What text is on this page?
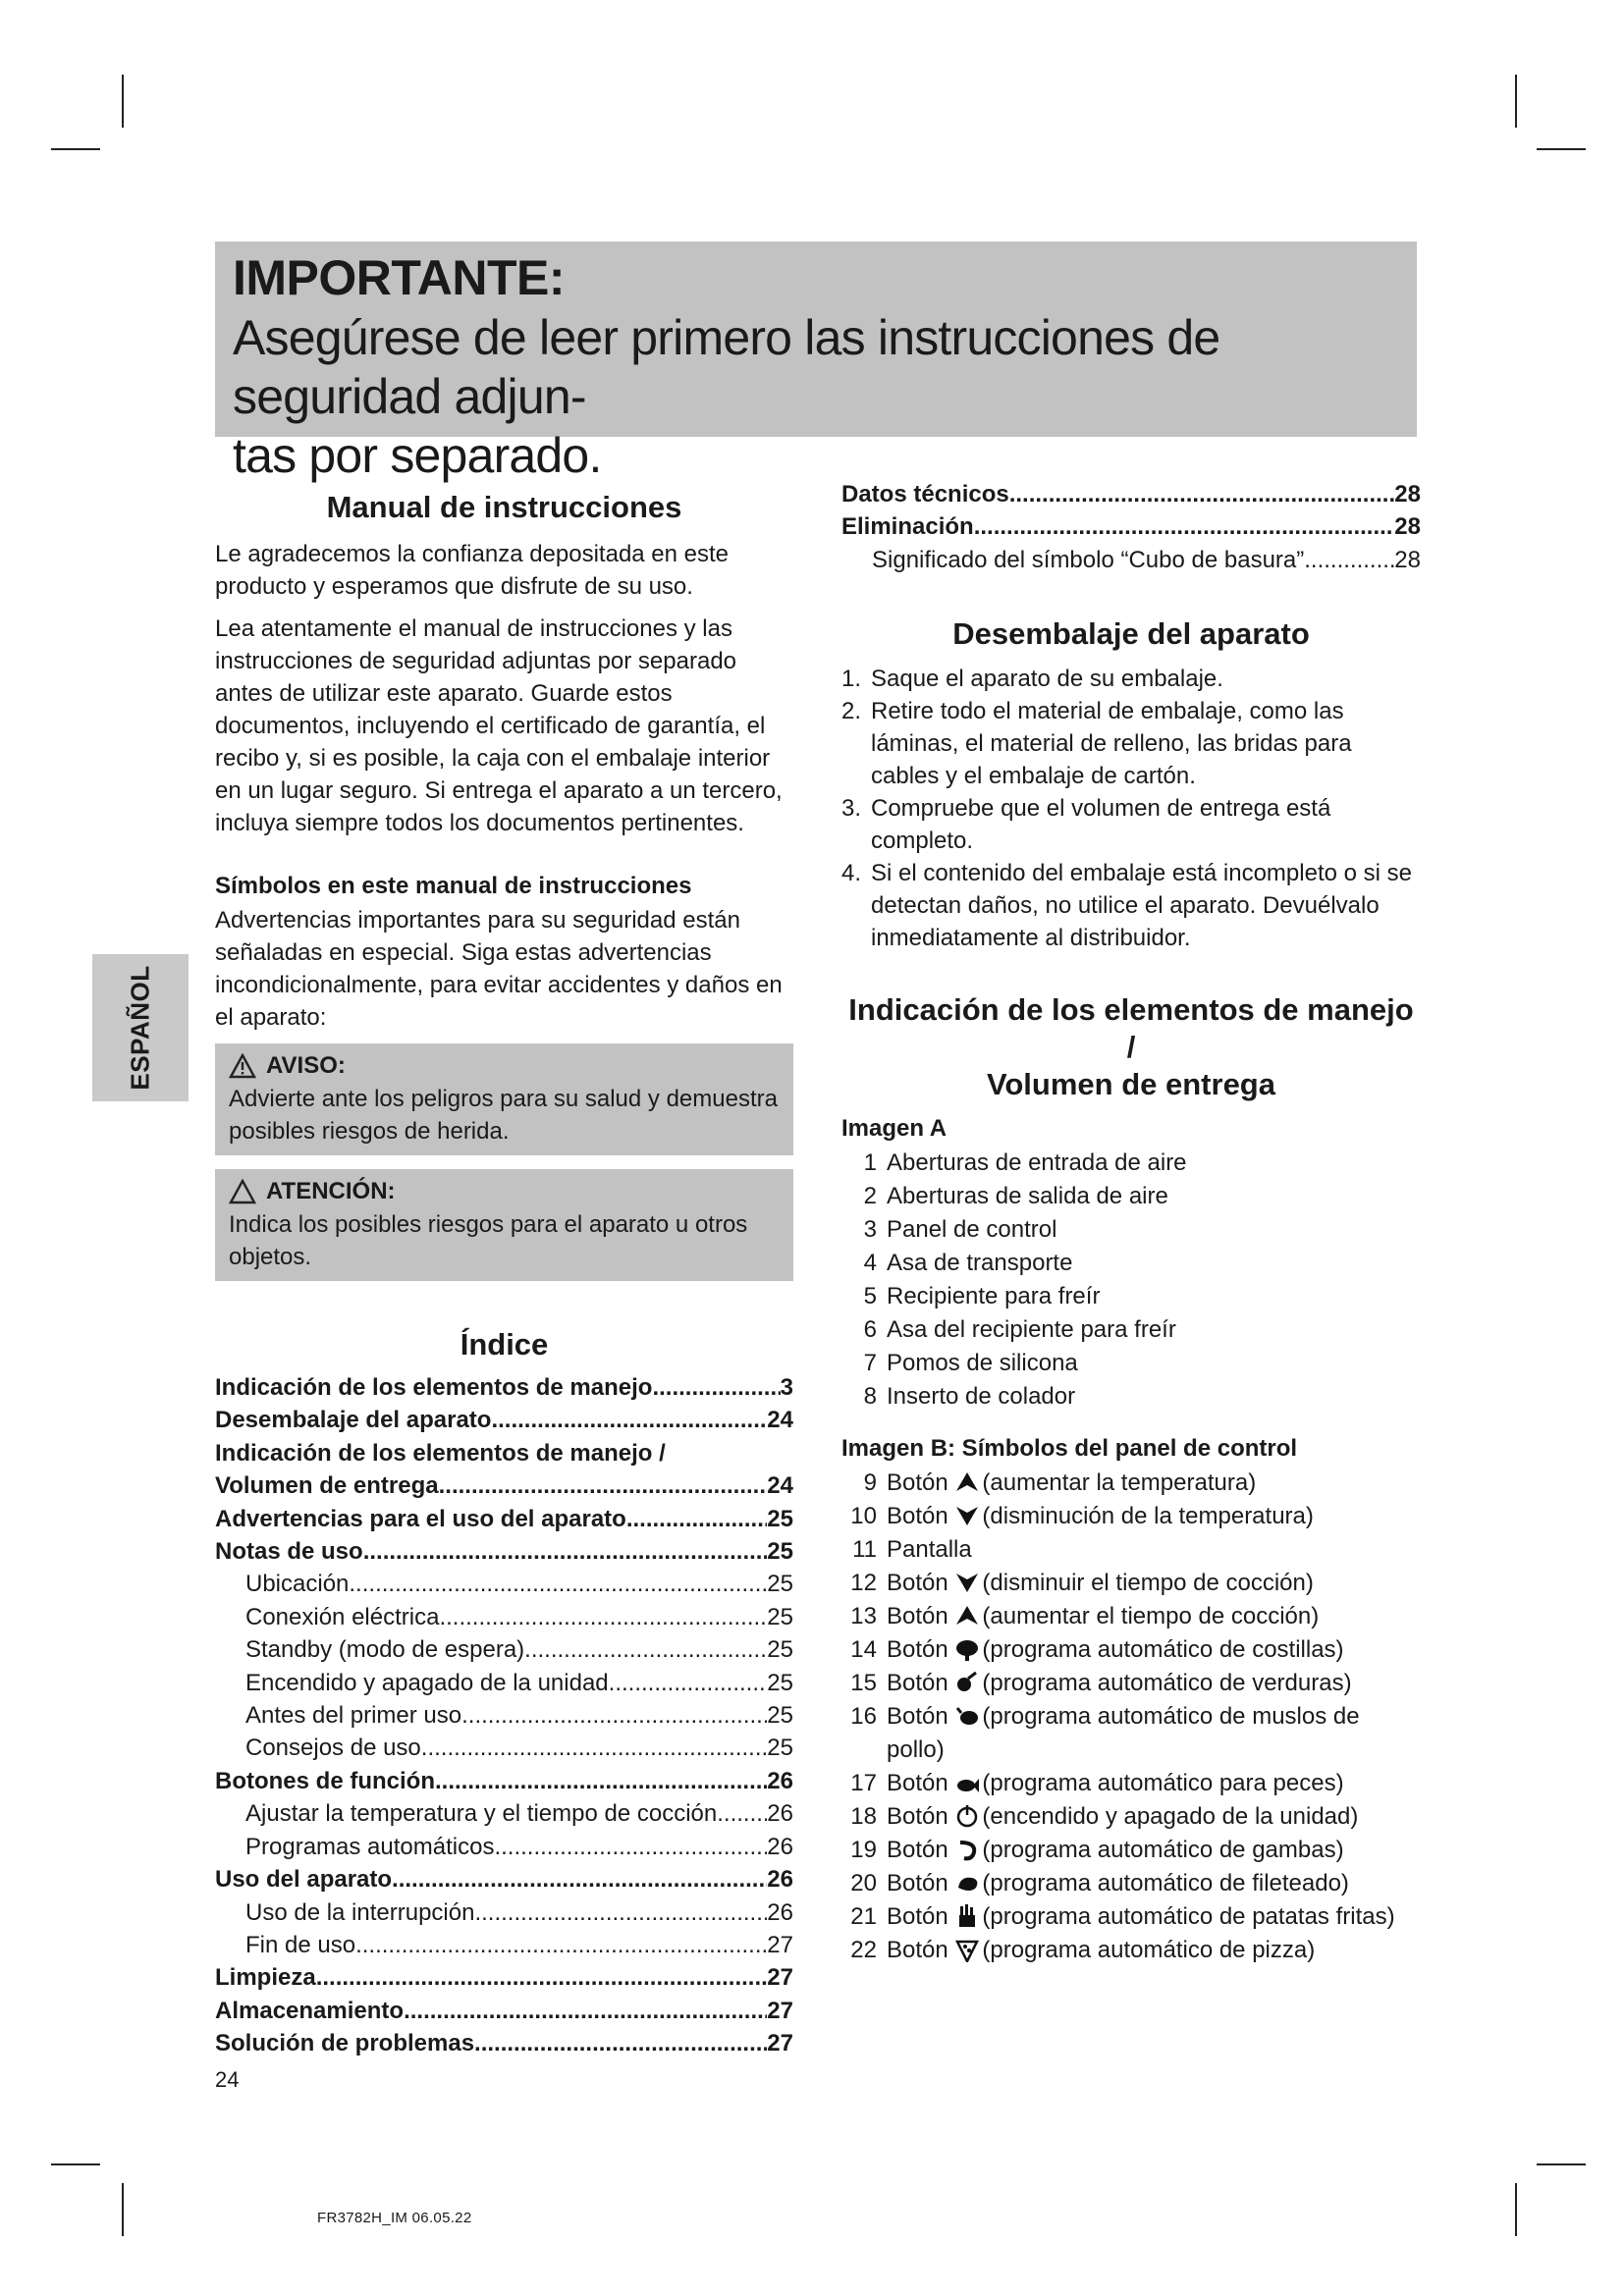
IMPORTANTE:
Asegúrese de leer primero las instrucciones de seguridad adjun-
tas por separado.
ESPAÑOL
Manual de instrucciones

Le agradecemos la confianza depositada en este producto y esperamos que disfrute de su uso.

Lea atentamente el manual de instrucciones y las instrucciones de seguridad adjuntas por separado antes de utilizar este aparato. Guarde estos documentos, incluyendo el certificado de garantía, el recibo y, si es posible, la caja con el embalaje interior en un lugar seguro. Si entrega el aparato a un tercero, incluya siempre todos los documentos pertinentes.

Símbolos en este manual de instrucciones

Advertencias importantes para su seguridad están señaladas en especial. Siga estas advertencias incondicionalmente, para evitar accidentes y daños en el aparato:

AVISO:

Advierte ante los peligros para su salud y demuestra posibles riesgos de herida.

ATENCIÓN:

Indica los posibles riesgos para el aparato u otros objetos.

Índice
Indicación de los elementos de manejo .....	3
Desembalaje del aparato .....	24
Indicación de los elementos de manejo /
Volumen de entrega .....	24
Advertencias para el uso del aparato .....	25
Notas de uso .....	25
Ubicación .....	25
Conexión eléctrica .....	25
Standby (modo de espera) .....	25
Encendido y apagado de la unidad .....	25
Antes del primer uso .....	25
Consejos de uso .....	25
Botones de función .....	26
Ajustar la temperatura y el tiempo de cocción ..... 26
Programas automáticos .....	26
Uso del aparato .....	26
Uso de la interrupción .....	26
Fin de uso .....	27
Limpieza .....	27
Almacenamiento .....	27
Solución de problemas .....	27
Datos técnicos .....	28
Eliminación .....	28
Significado del símbolo “Cubo de basura” .....	28
Desembalaje del aparato
1. Saque el aparato de su embalaje.
2. Retire todo el material de embalaje, como las láminas, el material de relleno, las bridas para cables y el embalaje de cartón.
3. Compruebe que el volumen de entrega está completo.
4. Si el contenido del embalaje está incompleto o si se detectan daños, no utilice el aparato. Devuélvalo inmediatamente al distribuidor.
Indicación de los elementos de manejo /
Volumen de entrega
Imagen A
1 Aberturas de entrada de aire
2 Aberturas de salida de aire
3 Panel de control
4 Asa de transporte
5 Recipiente para freír
6 Asa del recipiente para freír
7 Pomos de silicona
8 Inserto de colador
Imagen B: Símbolos del panel de control
9 Botón (aumentar la temperatura)
10 Botón (disminución de la temperatura)
11 Pantalla
12 Botón (disminuir el tiempo de cocción)
13 Botón (aumentar el tiempo de cocción)
14 Botón (programa automático de costillas)
15 Botón (programa automático de verduras)
16 Botón (programa automático de muslos de pollo)
17 Botón (programa automático para peces)
18 Botón (encendido y apagado de la unidad)
19 Botón (programa automático de gambas)
20 Botón (programa automático de fileteado)
21 Botón (programa automático de patatas fritas)
22 Botón (programa automático de pizza)
24
FR3782H_IM 06.05.22
